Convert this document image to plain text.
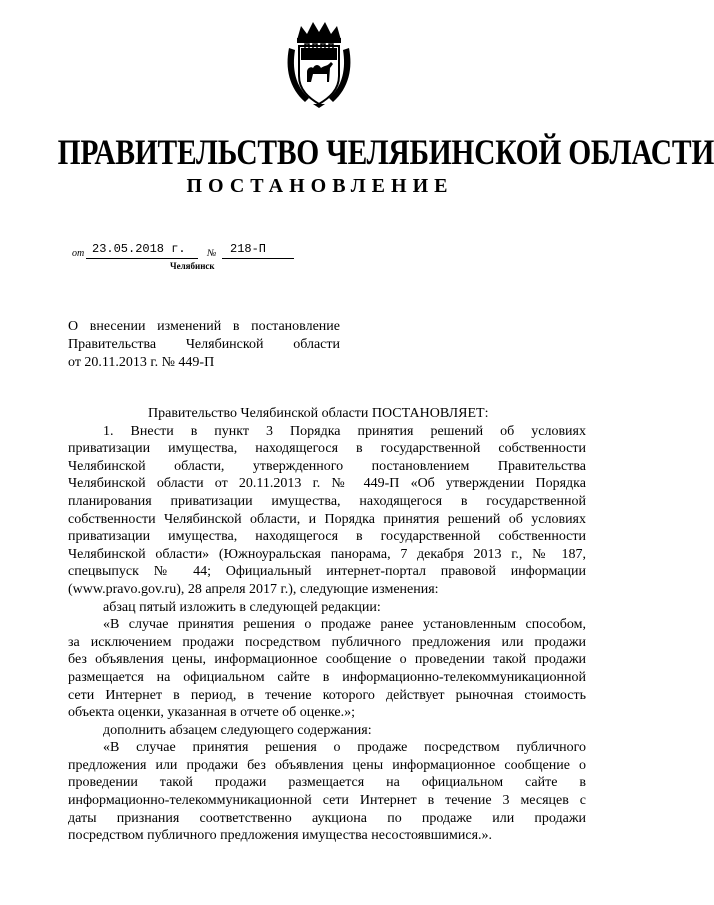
ПРАВИТЕЛЬСТВО ЧЕЛЯБИНСКОЙ ОБЛАСТИ
ПОСТАНОВЛЕНИЕ
от 23.05.2018 г. № 218-П
Челябинск
О внесении изменений в постановление
Правительства Челябинской области
от 20.11.2013 г. № 449-П
Правительство Челябинской области ПОСТАНОВЛЯЕТ:
1. Внести в пункт 3 Порядка принятия решений об условиях
приватизации имущества, находящегося в государственной собственности
Челябинской области, утвержденного постановлением Правительства
Челябинской области от 20.11.2013 г. № 449-П «Об утверждении Порядка
планирования приватизации имущества, находящегося в государственной
собственности Челябинской области, и Порядка принятия решений об условиях
приватизации имущества, находящегося в государственной собственности
Челябинской области» (Южноуральская панорама, 7 декабря 2013 г., № 187,
спецвыпуск № 44; Официальный интернет-портал правовой информации
(www.pravo.gov.ru), 28 апреля 2017 г.), следующие изменения:
абзац пятый изложить в следующей редакции:
«В случае принятия решения о продаже ранее установленным способом,
за исключением продажи посредством публичного предложения или продажи
без объявления цены, информационное сообщение о проведении такой продажи
размещается на официальном сайте в информационно-телекоммуникационной
сети Интернет в период, в течение которого действует рыночная стоимость
объекта оценки, указанная в отчете об оценке.»;
дополнить абзацем следующего содержания:
«В случае принятия решения о продаже посредством публичного
предложения или продажи без объявления цены информационное сообщение о
проведении такой продажи размещается на официальном сайте в
информационно-телекоммуникационной сети Интернет в течение 3 месяцев с
даты признания соответственно аукциона по продаже или продажи
посредством публичного предложения имущества несостоявшимися.».
